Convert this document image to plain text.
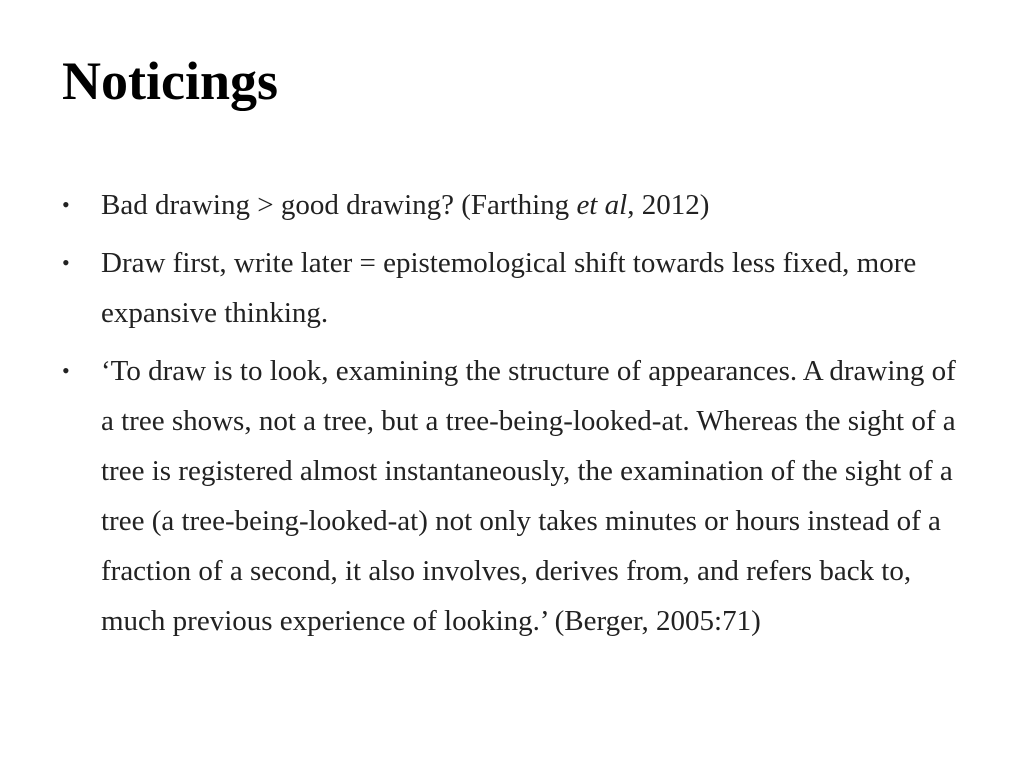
Noticings
• Bad drawing > good drawing? (Farthing et al, 2012)
• Draw first, write later = epistemological shift towards less fixed, more expansive thinking.
• ‘To draw is to look, examining the structure of appearances. A drawing of a tree shows, not a tree, but a tree-being-looked-at. Whereas the sight of a tree is registered almost instantaneously, the examination of the sight of a tree (a tree-being-looked-at) not only takes minutes or hours instead of a fraction of a second, it also involves, derives from, and refers back to, much previous experience of looking.’ (Berger, 2005:71)
